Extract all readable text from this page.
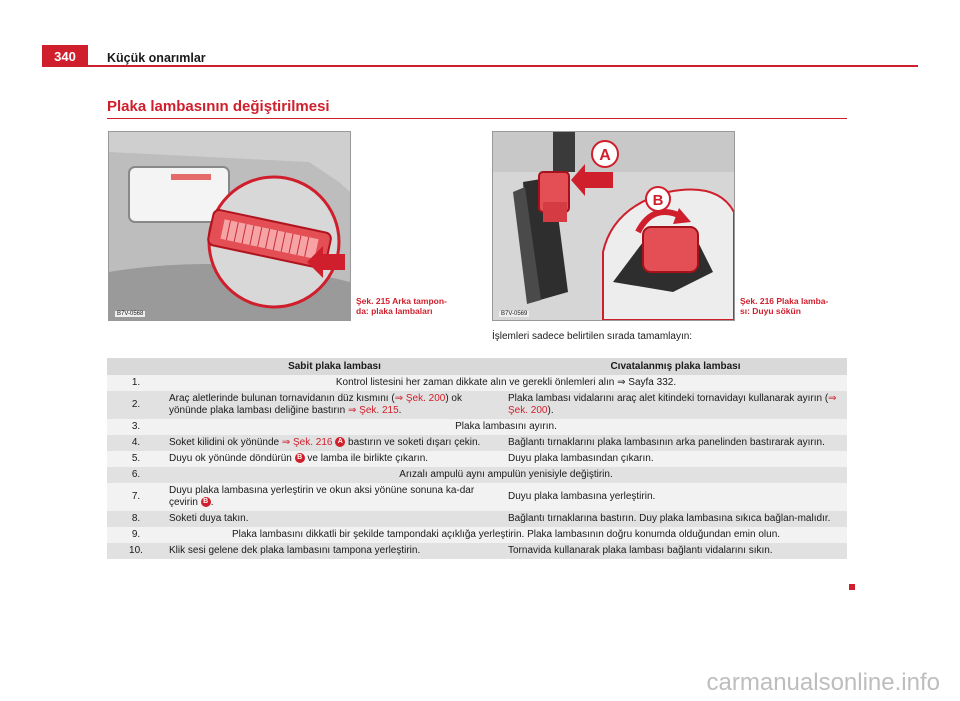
340	Küçük onarımlar
Plaka lambasının değiştirilmesi
B7V-0568
Şek. 215 Arka tampon-
da: plaka lambaları
A
B
B7V-0569
Şek. 216 Plaka lamba-
sı: Duyu sökün
İşlemleri sadece belirtilen sırada tamamlayın:
	Sabit plaka lambası	Cıvatalanmış plaka lambası
1.	Kontrol listesini her zaman dikkate alın ve gerekli önlemleri alın ⇒ Sayfa 332.	
2.	Araç aletlerinde bulunan tornavidanın düz kısmını (⇒ Şek. 200) ok yönünde plaka lambası deliğine bastırın ⇒ Şek. 215.	Plaka lambası vidalarını araç alet kitindeki tornavidayı kullanarak ayırın (⇒ Şek. 200).
3.	Plaka lambasını ayırın.	
4.	Soket kilidini ok yönünde ⇒ Şek. 216 A bastırın ve soketi dışarı çekin.	Bağlantı tırnaklarını plaka lambasının arka panelinden bastırarak ayırın.
5.	Duyu ok yönünde döndürün B ve lamba ile birlikte çıkarın.	Duyu plaka lambasından çıkarın.
6.	Arızalı ampulü aynı ampulün yenisiyle değiştirin.	
7.	Duyu plaka lambasına yerleştirin ve okun aksi yönüne sonuna ka-dar çevirin B .	Duyu plaka lambasına yerleştirin.
8.	Soketi duya takın.	Bağlantı tırnaklarına bastırın. Duy plaka lambasına sıkıca bağlan-malıdır.
9.	Plaka lambasını dikkatli bir şekilde tampondaki açıklığa yerleştirin. Plaka lambasının doğru konumda olduğundan emin olun.	
10.	Klik sesi gelene dek plaka lambasını tampona yerleştirin.	Tornavida kullanarak plaka lambası bağlantı vidalarını sıkın.
carmanualsonline.info
